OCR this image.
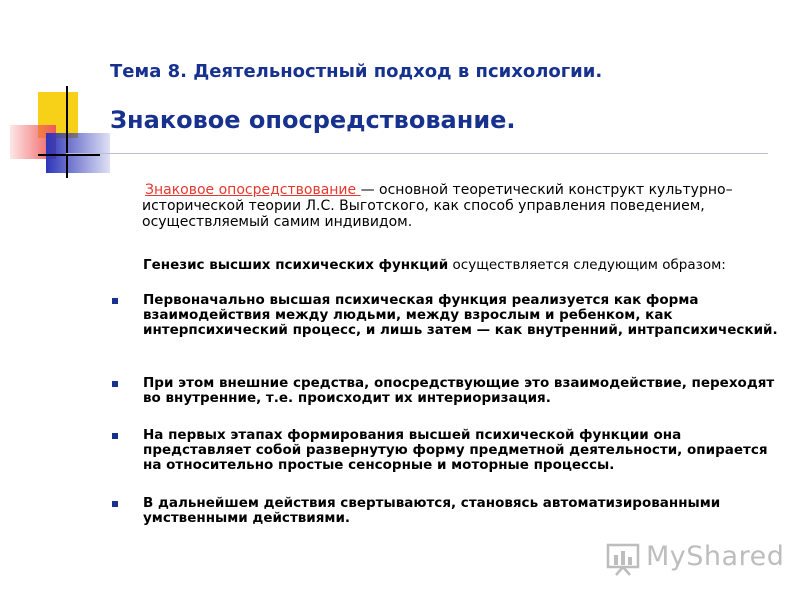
Тема 8. Деятельностный подход в психологии.
Знаковое опосредствование.
Знаковое опосредствование — основной теоретический конструкт культурно–исторической теории Л.С. Выготского, как способ управления поведением, осуществляемый самим индивидом.
Генезис высших психических функций осуществляется следующим образом:
Первоначально высшая психическая функция реализуется как форма взаимодействия между людьми, между взрослым и ребенком, как интерпсихический процесс, и лишь затем — как внутренний, интрапсихический.
При этом внешние средства, опосредствующие это взаимодействие, переходят во внутренние, т.е. происходит их интериоризация.
На первых этапах формирования высшей психической функции она представляет собой развернутую форму предметной деятельности, опирается на относительно простые сенсорные и моторные процессы.
В дальнейшем действия свертываются, становясь автоматизированными умственными действиями.
MyShared
